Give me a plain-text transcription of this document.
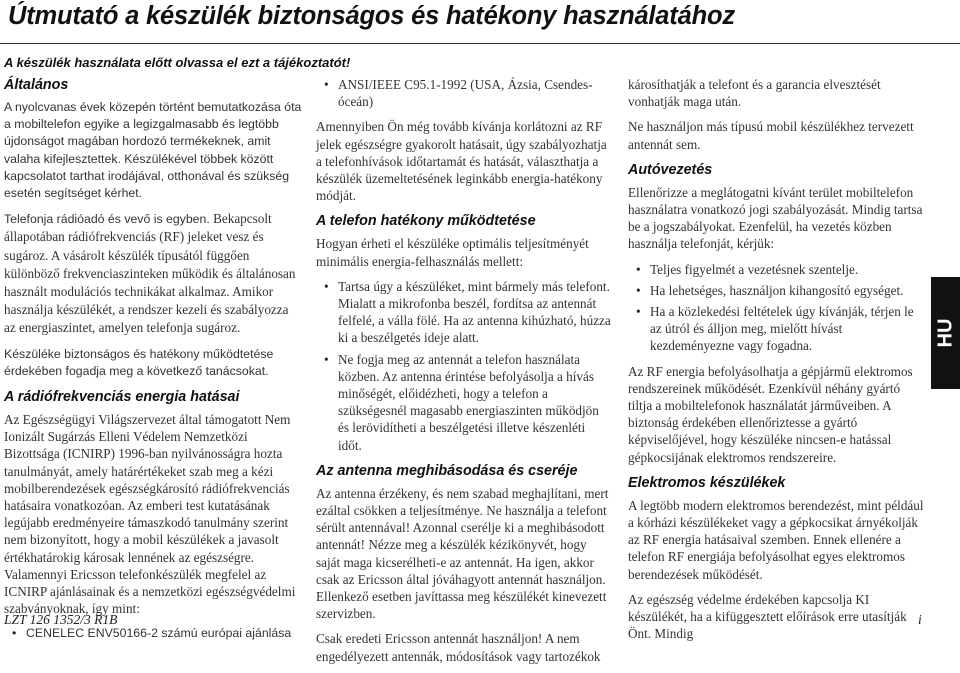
Útmutató a készülék biztonságos és hatékony használatához
A készülék használata előtt olvassa el ezt a tájékoztatót!
Általános

A nyolcvanas évek közepén történt bemutatkozása óta a mobiltelefon egyike a legizgalmasabb és legtöbb újdonságot magában hordozó termékeknek, amit valaha kifejlesztettek. Készülékével többek között kapcsolatot tarthat irodájával, otthonával és szükség esetén segítséget kérhet.

Telefonja rádióadó és vevő is egyben. Bekapcsolt állapotában rádiófrekvenciás (RF) jeleket vesz és sugároz. A vásárolt készülék típusától függően különböző frekvenciaszinteken működik és általánosan használt modulációs technikákat alkalmaz. Amikor használja készülékét, a rendszer kezeli és szabályozza az energiaszintet, amelyen telefonja sugároz.

Készüléke biztonságos és hatékony működtetése érdekében fogadja meg a következő tanácsokat.

A rádiófrekvenciás energia hatásai

Az Egészségügyi Világszervezet által támogatott Nem Ionizált Sugárzás Elleni Védelem Nemzetközi Bizottsága (ICNIRP) 1996-ban nyilvánosságra hozta tanulmányát, amely határértékeket szab meg a kézi mobilberendezések egészségkárosító rádiófrekvenciás hatásaira vonatkozóan. Az emberi test kutatásának legújabb eredményeire támaszkodó tanulmány szerint nem bizonyított, hogy a mobil készülékek a javasolt értékhatárokig károsak lennének az egészségre. Valamennyi Ericsson telefonkészülék megfelel az ICNIRP ajánlásainak és a nemzetközi egészségvédelmi szabványoknak, így mint:

• CENELEC ENV50166-2 számú európai ajánlása
• ANSI/IEEE C95.1-1992 (USA, Ázsia, Csendes-óceán)

Amennyiben Ön még tovább kívánja korlátozni az RF jelek egészségre gyakorolt hatásait, úgy szabályozhatja a telefonhívások időtartamát és hatását, választhatja a készülék üzemeltetésének leginkább energia-hatékony módját.

A telefon hatékony működtetése

Hogyan érheti el készüléke optimális teljesítményét minimális energia-felhasználás mellett:

• Tartsa úgy a készüléket, mint bármely más telefont. Mialatt a mikrofonba beszél, fordítsa az antennát felfelé, a válla fölé. Ha az antenna kihúzható, húzza ki a beszélgetés ideje alatt.
• Ne fogja meg az antennát a telefon használata közben. Az antenna érintése befolyásolja a hívás minőségét, előidézheti, hogy a telefon a szükségesnél magasabb energiaszinten működjön és lerövidítheti a beszélgetési illetve készenléti időt.
Az antenna meghibásodása és cseréje

Az antenna érzékeny, és nem szabad meghajlítani, mert ezáltal csökken a teljesítménye. Ne használja a telefont sérült antennával! Azonnal cserélje ki a meghibásodott antennát! Nézze meg a készülék kézikönyvét, hogy saját maga kicserélheti-e az antennát. Ha igen, akkor csak az Ericsson által jóváhagyott antennát használjon. Ellenkező esetben javíttassa meg készülékét kinevezett szervizben.

Csak eredeti Ericsson antennát használjon! A nem engedélyezett antennák, módosítások vagy tartozékok

károsíthatják a telefont és a garancia elvesztését vonhatják maga után.

Ne használjon más típusú mobil készülékhez tervezett antennát sem.

Autóvezetés

Ellenőrizze a meglátogatni kívánt terület mobiltelefon használatra vonatkozó jogi szabályozását. Mindig tartsa be a jogszabályokat. Ezenfelül, ha vezetés közben használja telefonját, kérjük:

• Teljes figyelmét a vezetésnek szentelje.
• Ha lehetséges, használjon kihangosító egységet.
• Ha a közlekedési feltételek úgy kívánják, térjen le az útról és álljon meg, mielőtt hívást kezdeményezne vagy fogadna.

Az RF energia befolyásolhatja a gépjármű elektromos rendszereinek működését. Ezenkívül néhány gyártó tiltja a mobiltelefonok használatát járműveiben. A biztonság érdekében ellenőriztesse a gyártó képviselőjével, hogy készüléke nincsen-e hatással gépkocsijának elektromos rendszereire.

Elektromos készülékek

A legtöbb modern elektromos berendezést, mint például a kórházi készülékeket vagy a gépkocsikat árnyékolják az RF energia hatásaival szemben. Ennek ellenére a telefon RF energiája befolyásolhat egyes elektromos berendezések működését.

Az egészség védelme érdekében kapcsolja KI készülékét, ha a kifüggesztett előírások erre utasítják Önt. Mindig

HU
LZT 126 1352/3 R1B	i
